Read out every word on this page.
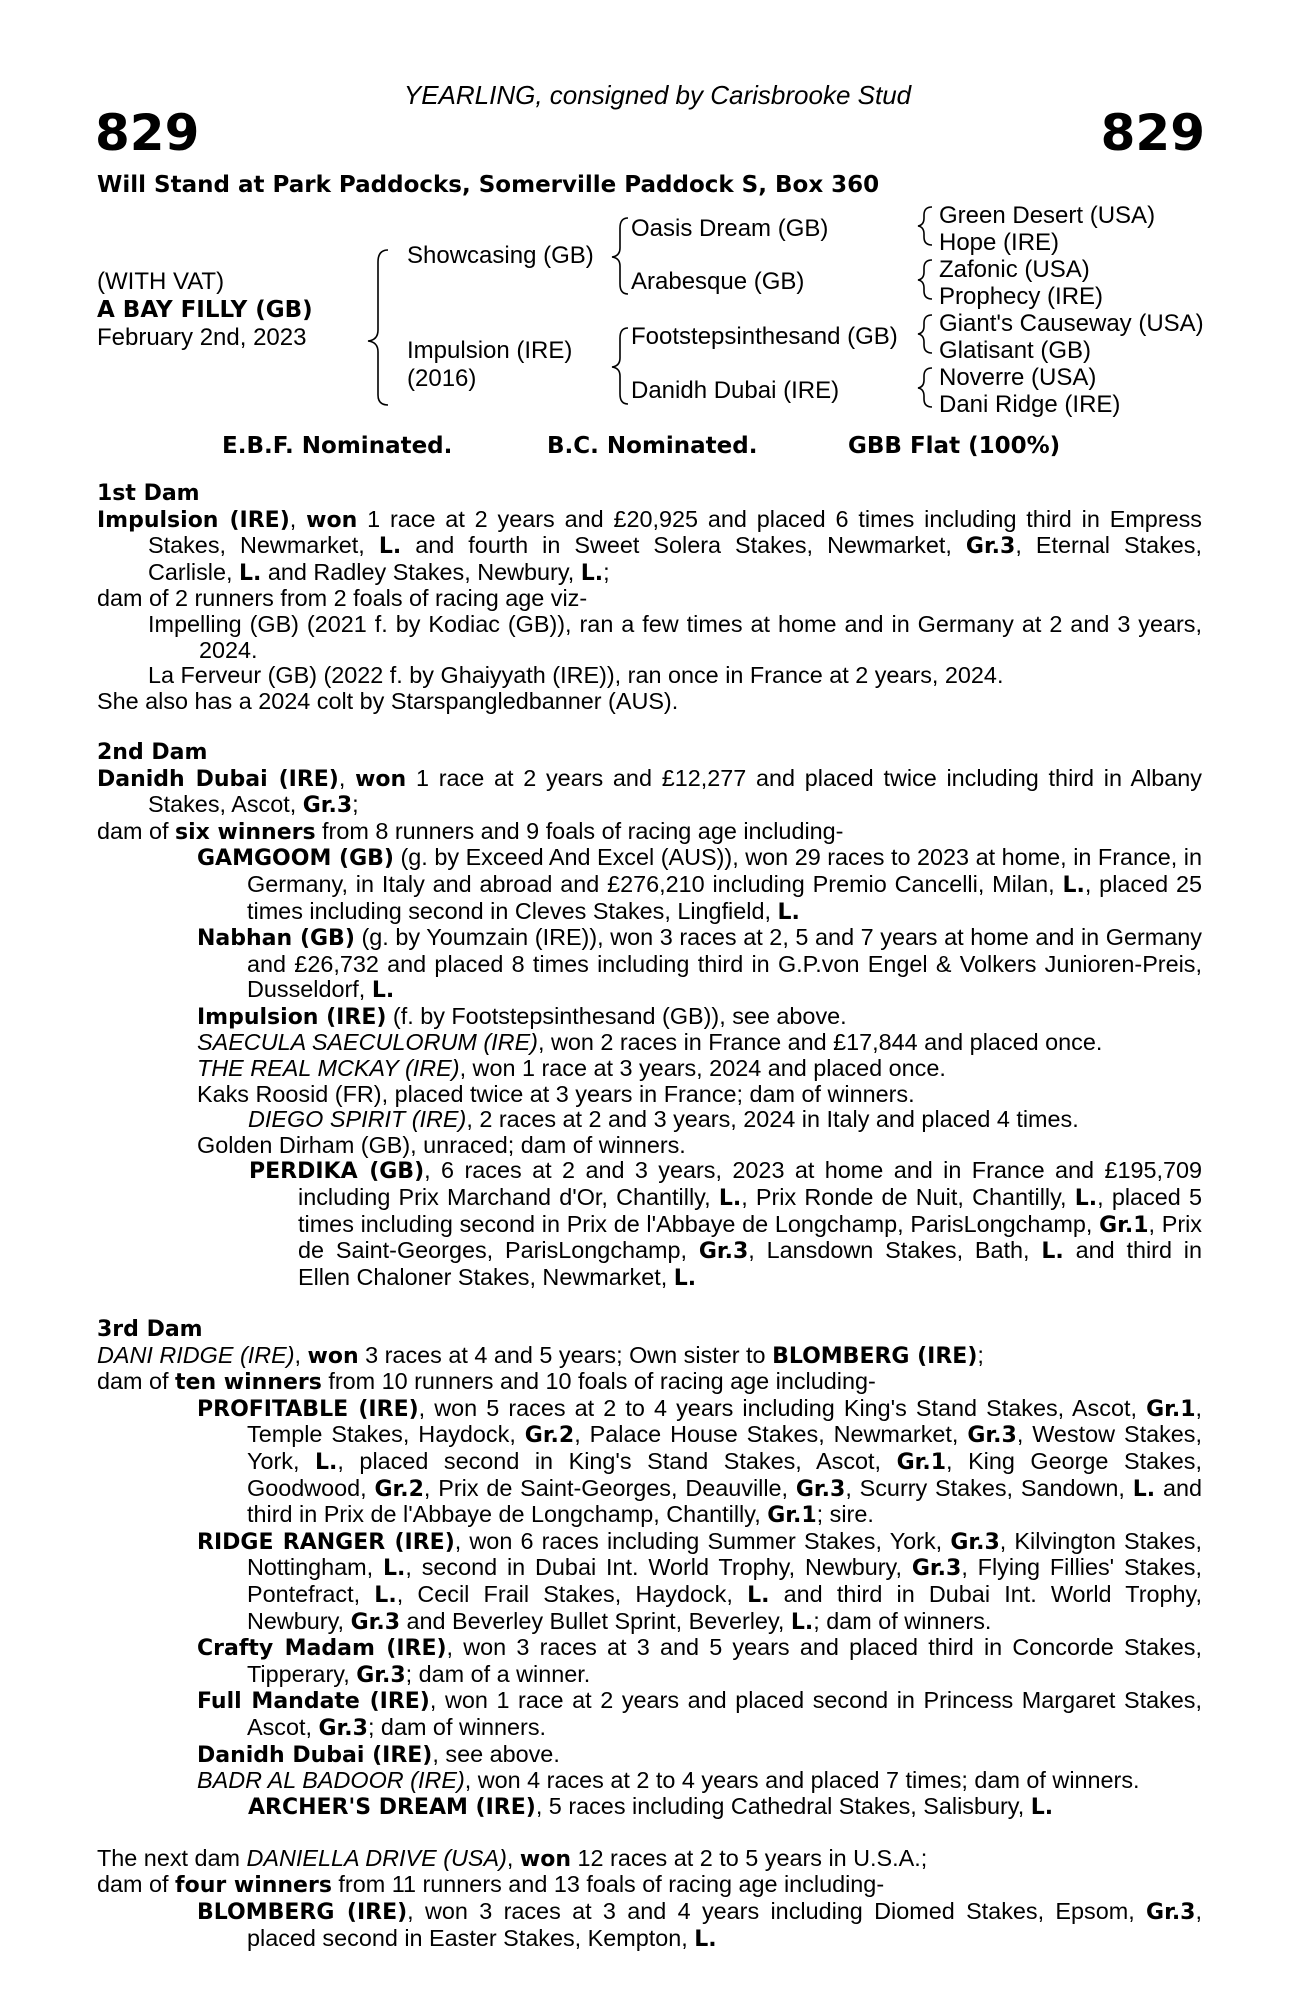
YEARLING, consigned by Carisbrooke Stud
829	829
Will Stand at Park Paddocks, Somerville Paddock S, Box 360
(WITH VAT)
A BAY FILLY (GB)
February 2nd, 2023
Showcasing (GB)
Impulsion (IRE)
(2016)
Oasis Dream (GB)
Arabesque (GB)
Footstepsinthesand (GB)
Danidh Dubai (IRE)
Green Desert (USA)
Hope (IRE)
Zafonic (USA)
Prophecy (IRE)
Giant's Causeway (USA)
Glatisant (GB)
Noverre (USA)
Dani Ridge (IRE)
E.B.F. Nominated.	B.C. Nominated.	GBB Flat (100%)
1st Dam
Impulsion (IRE), won 1 race at 2 years and £20,925 and placed 6 times including third in Empress Stakes, Newmarket, L. and fourth in Sweet Solera Stakes, Newmarket, Gr.3, Eternal Stakes, Carlisle, L. and Radley Stakes, Newbury, L.;
dam of 2 runners from 2 foals of racing age viz-
Impelling (GB) (2021 f. by Kodiac (GB)), ran a few times at home and in Germany at 2 and 3 years, 2024.
La Ferveur (GB) (2022 f. by Ghaiyyath (IRE)), ran once in France at 2 years, 2024.
She also has a 2024 colt by Starspangledbanner (AUS).
2nd Dam
Danidh Dubai (IRE), won 1 race at 2 years and £12,277 and placed twice including third in Albany Stakes, Ascot, Gr.3;
dam of six winners from 8 runners and 9 foals of racing age including-
GAMGOOM (GB) (g. by Exceed And Excel (AUS)), won 29 races to 2023 at home, in France, in Germany, in Italy and abroad and £276,210 including Premio Cancelli, Milan, L., placed 25 times including second in Cleves Stakes, Lingfield, L.
Nabhan (GB) (g. by Youmzain (IRE)), won 3 races at 2, 5 and 7 years at home and in Germany and £26,732 and placed 8 times including third in G.P.von Engel & Volkers Junioren-Preis, Dusseldorf, L.
Impulsion (IRE) (f. by Footstepsinthesand (GB)), see above.
SAECULA SAECULORUM (IRE), won 2 races in France and £17,844 and placed once.
THE REAL MCKAY (IRE), won 1 race at 3 years, 2024 and placed once.
Kaks Roosid (FR), placed twice at 3 years in France; dam of winners.
DIEGO SPIRIT (IRE), 2 races at 2 and 3 years, 2024 in Italy and placed 4 times.
Golden Dirham (GB), unraced; dam of winners.
PERDIKA (GB), 6 races at 2 and 3 years, 2023 at home and in France and £195,709 including Prix Marchand d'Or, Chantilly, L., Prix Ronde de Nuit, Chantilly, L., placed 5 times including second in Prix de l'Abbaye de Longchamp, ParisLongchamp, Gr.1, Prix de Saint-Georges, ParisLongchamp, Gr.3, Lansdown Stakes, Bath, L. and third in Ellen Chaloner Stakes, Newmarket, L.
3rd Dam
DANI RIDGE (IRE), won 3 races at 4 and 5 years; Own sister to BLOMBERG (IRE);
dam of ten winners from 10 runners and 10 foals of racing age including-
PROFITABLE (IRE), won 5 races at 2 to 4 years including King's Stand Stakes, Ascot, Gr.1, Temple Stakes, Haydock, Gr.2, Palace House Stakes, Newmarket, Gr.3, Westow Stakes, York, L., placed second in King's Stand Stakes, Ascot, Gr.1, King George Stakes, Goodwood, Gr.2, Prix de Saint-Georges, Deauville, Gr.3, Scurry Stakes, Sandown, L. and third in Prix de l'Abbaye de Longchamp, Chantilly, Gr.1; sire.
RIDGE RANGER (IRE), won 6 races including Summer Stakes, York, Gr.3, Kilvington Stakes, Nottingham, L., second in Dubai Int. World Trophy, Newbury, Gr.3, Flying Fillies' Stakes, Pontefract, L., Cecil Frail Stakes, Haydock, L. and third in Dubai Int. World Trophy, Newbury, Gr.3 and Beverley Bullet Sprint, Beverley, L.; dam of winners.
Crafty Madam (IRE), won 3 races at 3 and 5 years and placed third in Concorde Stakes, Tipperary, Gr.3; dam of a winner.
Full Mandate (IRE), won 1 race at 2 years and placed second in Princess Margaret Stakes, Ascot, Gr.3; dam of winners.
Danidh Dubai (IRE), see above.
BADR AL BADOOR (IRE), won 4 races at 2 to 4 years and placed 7 times; dam of winners.
ARCHER'S DREAM (IRE), 5 races including Cathedral Stakes, Salisbury, L.
The next dam DANIELLA DRIVE (USA), won 12 races at 2 to 5 years in U.S.A.;
dam of four winners from 11 runners and 13 foals of racing age including-
BLOMBERG (IRE), won 3 races at 3 and 4 years including Diomed Stakes, Epsom, Gr.3, placed second in Easter Stakes, Kempton, L.
